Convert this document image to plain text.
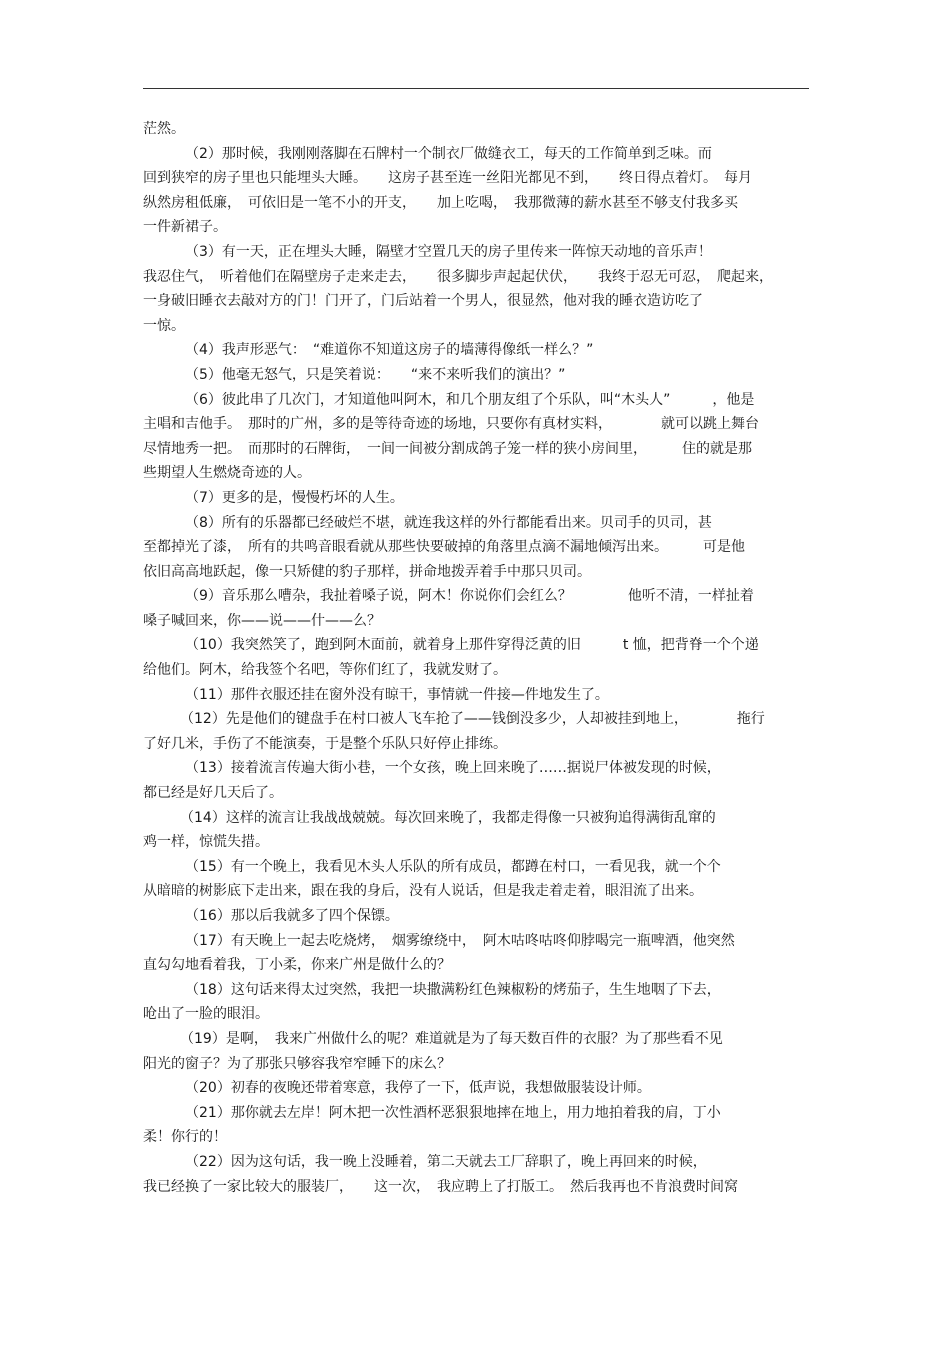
茫然。
（2）那时候，我刚刚落脚在石牌村一个制衣厂做缝衣工，每天的工作简单到乏味。而
回到狭窄的房子里也只能埋头大睡。　　这房子甚至连一丝阳光都见不到，　　终日得点着灯。　每月
纵然房租低廉，　可依旧是一笔不小的开支，　　加上吃喝，　我那微薄的薪水甚至不够支付我多买
一件新裙子。
（3）有一天，正在埋头大睡，隔壁才空置几天的房子里传来一阵惊天动地的音乐声！
我忍住气，　听着他们在隔壁房子走来走去，　　很多脚步声起起伏伏，　　我终于忍无可忍，　爬起来，
一身破旧睡衣去敲对方的门！门开了，门后站着一个男人，很显然，他对我的睡衣造访吃了
一惊。
（4）我声形恶气：　“难道你不知道这房子的墙薄得像纸一样么？”
（5）他毫无怒气，只是笑着说：　　“来不来听我们的演出？”
（6）彼此串了几次门，才知道他叫阿木，和几个朋友组了个乐队，叫“木头人”　　　，他是
主唱和吉他手。　那时的广州，多的是等待奇迹的场地，只要你有真材实料，　　　　就可以跳上舞台
尽情地秀一把。　而那时的石牌街，　一间一间被分割成鸽子笼一样的狭小房间里，　　　住的就是那
些期望人生燃烧奇迹的人。
（7）更多的是，慢慢朽坏的人生。
（8）所有的乐器都已经破烂不堪，就连我这样的外行都能看出来。贝司手的贝司，甚
至都掉光了漆，　所有的共鸣音眼看就从那些快要破掉的角落里点滴不漏地倾泻出来。　　　可是他
依旧高高地跃起，像一只矫健的豹子那样，拼命地拨弄着手中那只贝司。
（9）音乐那么嘈杂，我扯着嗓子说，阿木！你说你们会红么？　　　　他听不清，一样扯着
嗓子喊回来，你——说——什——么？
（10）我突然笑了，跑到阿木面前，就着身上那件穿得泛黄的旧　　　t 恤，把背脊一个个递
给他们。阿木，给我签个名吧，等你们红了，我就发财了。
（11）那件衣服还挂在窗外没有晾干，事情就一件接—件地发生了。
（12）先是他们的键盘手在村口被人飞车抢了——钱倒没多少，人却被挂到地上，　　　　拖行
了好几米，手伤了不能演奏，于是整个乐队只好停止排练。
（13）接着流言传遍大街小巷，一个女孩，晚上回来晚了……据说尸体被发现的时候，
都已经是好几天后了。
（14）这样的流言让我战战兢兢。每次回来晚了，我都走得像一只被狗追得满街乱窜的
鸡一样，惊慌失措。
（15）有一个晚上，我看见木头人乐队的所有成员，都蹲在村口，一看见我，就一个个
从暗暗的树影底下走出来，跟在我的身后，没有人说话，但是我走着走着，眼泪流了出来。
（16）那以后我就多了四个保镖。
（17）有天晚上一起去吃烧烤，　烟雾缭绕中，　阿木咕咚咕咚仰脖喝完一瓶啤酒，他突然
直勾勾地看着我，丁小柔，你来广州是做什么的？
（18）这句话来得太过突然，我把一块撒满粉红色辣椒粉的烤茄子，生生地咽了下去，
呛出了一脸的眼泪。
（19）是啊，　我来广州做什么的呢？难道就是为了每天数百件的衣服？为了那些看不见
阳光的窗子？为了那张只够容我窄窄睡下的床么？
（20）初春的夜晚还带着寒意，我停了一下，低声说，我想做服装设计师。
（21）那你就去左岸！阿木把一次性酒杯恶狠狠地摔在地上，用力地拍着我的肩，丁小
柔！你行的！
（22）因为这句话，我一晚上没睡着，第二天就去工厂辞职了，晚上再回来的时候，
我已经换了一家比较大的服装厂，　　这一次，　我应聘上了打版工。　然后我再也不肯浪费时间窝
